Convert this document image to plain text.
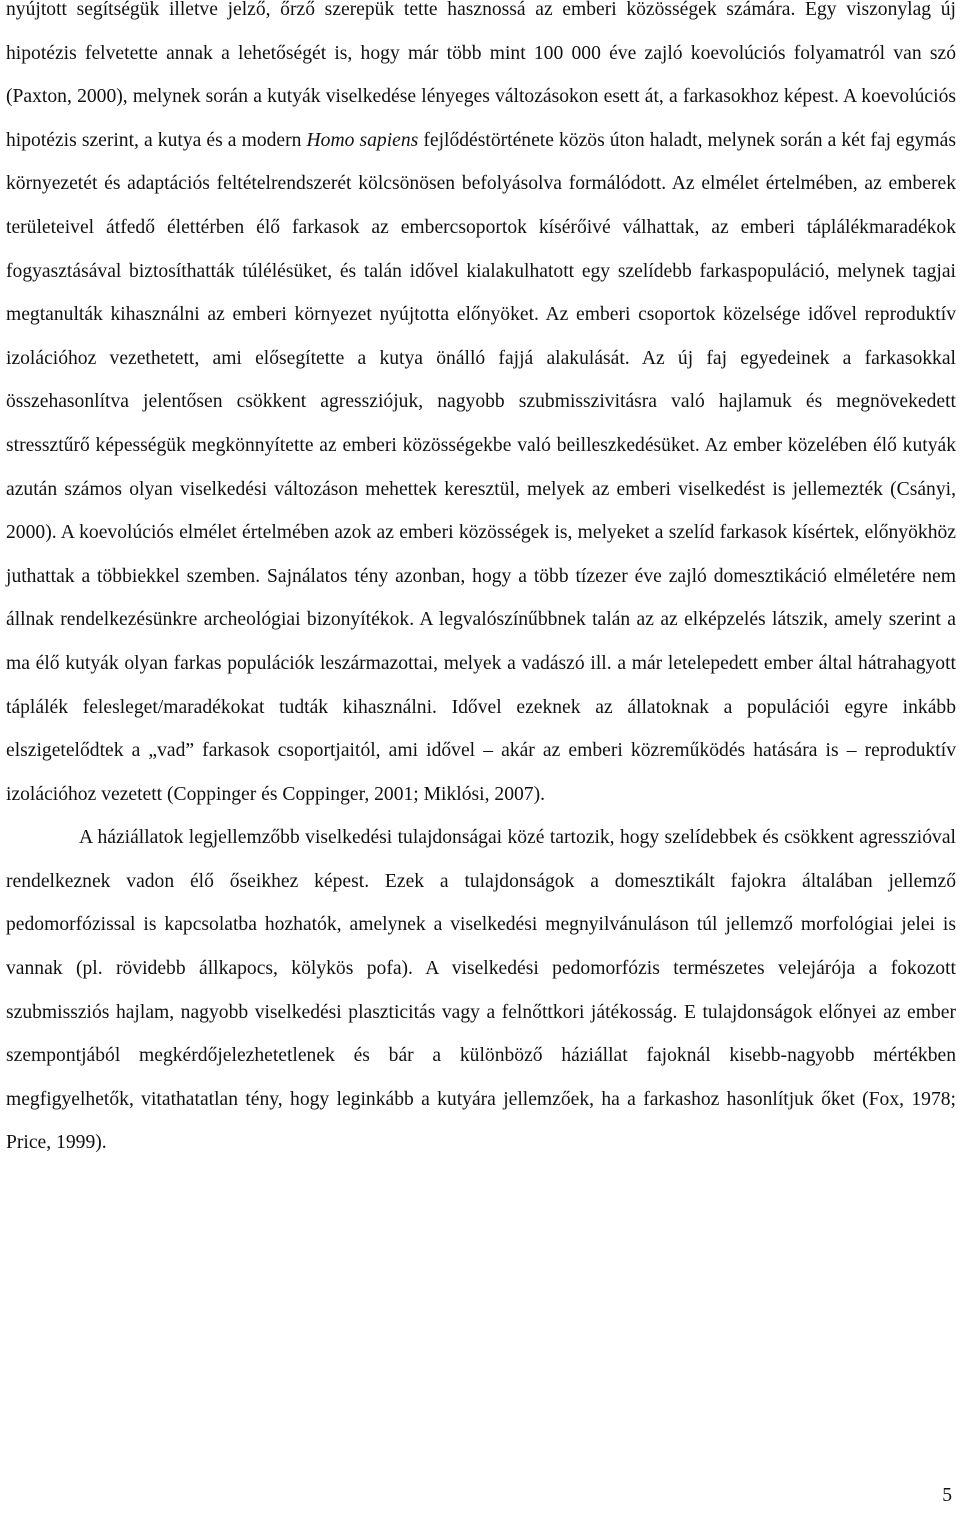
nyújtott segítségük illetve jelző, őrző szerepük tette hasznossá az emberi közösségek számára. Egy viszonylag új hipotézis felvetette annak a lehetőségét is, hogy már több mint 100 000 éve zajló koevolúciós folyamatról van szó (Paxton, 2000), melynek során a kutyák viselkedése lényeges változásokon esett át, a farkasokhoz képest. A koevolúciós hipotézis szerint, a kutya és a modern Homo sapiens fejlődéstörténete közös úton haladt, melynek során a két faj egymás környezetét és adaptációs feltételrendszerét kölcsönösen befolyásolva formálódott. Az elmélet értelmében, az emberek területeivel átfedő élettérben élő farkasok az embercsoportok kísérőivé válhattak, az emberi táplálékmaradékok fogyasztásával biztosíthatták túlélésüket, és talán idővel kialakulhatott egy szelídebb farkaspopuláció, melynek tagjai megtanulták kihasználni az emberi környezet nyújtotta előnyöket. Az emberi csoportok közelsége idővel reproduktív izolációhoz vezethetett, ami elősegítette a kutya önálló fajjá alakulását. Az új faj egyedeinek a farkasokkal összehasonlítva jelentősen csökkent agressziójuk, nagyobb szubmisszivitásra való hajlamuk és megnövekedett stressztűrő képességük megkönnyítette az emberi közösségekbe való beilleszkedésüket. Az ember közelében élő kutyák azután számos olyan viselkedési változáson mehettek keresztül, melyek az emberi viselkedést is jellemezték (Csányi, 2000). A koevolúciós elmélet értelmében azok az emberi közösségek is, melyeket a szelíd farkasok kísértek, előnyökhöz juthattak a többiekkel szemben. Sajnálatos tény azonban, hogy a több tízezer éve zajló domesztikáció elméletére nem állnak rendelkezésünkre archeológiai bizonyítékok. A legvalószínűbbnek talán az az elképzelés látszik, amely szerint a ma élő kutyák olyan farkas populációk leszármazottai, melyek a vadászó ill. a már letelepedett ember által hátrahagyott táplálék felesleget/maradékokat tudták kihasználni. Idővel ezeknek az állatoknak a populációi egyre inkább elszigetelődtek a „vad” farkasok csoportjaitól, ami idővel – akár az emberi közreműködés hatására is – reproduktív izolációhoz vezetett (Coppinger és Coppinger, 2001; Miklósi, 2007).

A háziállatok legjellemzőbb viselkedési tulajdonságai közé tartozik, hogy szelídebbek és csökkent agresszióval rendelkeznek vadon élő őseikhez képest. Ezek a tulajdonságok a domesztikált fajokra általában jellemző pedomorfózissal is kapcsolatba hozhatók, amelynek a viselkedési megnyilvánuláson túl jellemző morfológiai jelei is vannak (pl. rövidebb állkapocs, kölykös pofa). A viselkedési pedomorfózis természetes velejárója a fokozott szubmissziós hajlam, nagyobb viselkedési plaszticitás vagy a felnőttkori játékosság. E tulajdonságok előnyei az ember szempontjából megkérdőjelezhetetlenek és bár a különböző háziállat fajoknál kisebb-nagyobb mértékben megfigyelhetők, vitathatatlan tény, hogy leginkább a kutyára jellemzőek, ha a farkashoz hasonlítjuk őket (Fox, 1978; Price, 1999).

5
